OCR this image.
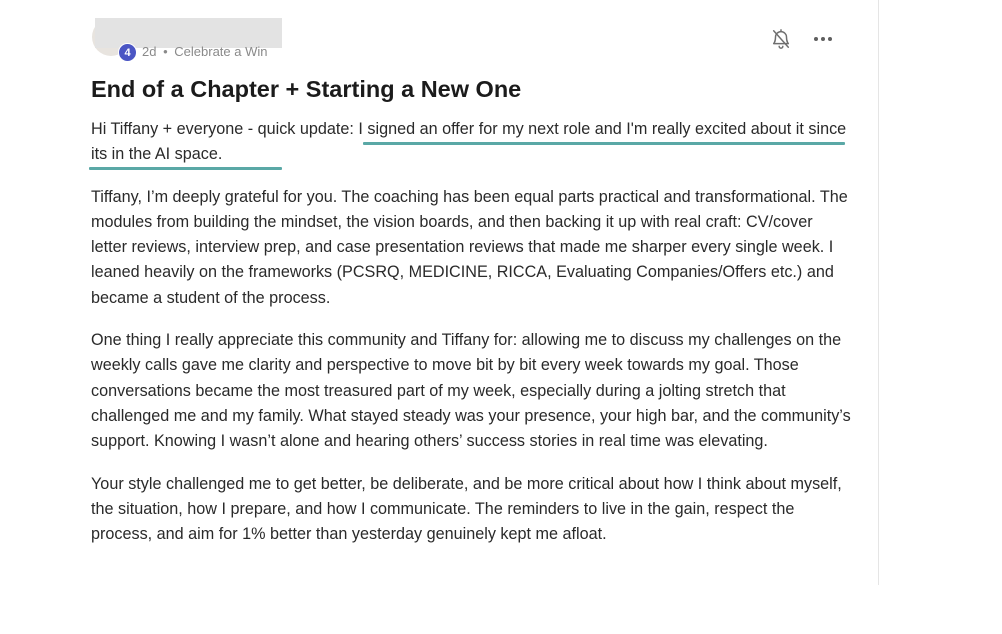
4 2d • Celebrate a Win
End of a Chapter + Starting a New One

Hi Tiffany + everyone - quick update: I signed an offer for my next role and I'm really excited about it since its in the AI space.

Tiffany, I’m deeply grateful for you. The coaching has been equal parts practical and transformational. The modules from building the mindset, the vision boards, and then backing it up with real craft: CV/cover letter reviews, interview prep, and case presentation reviews that made me sharper every single week. I leaned heavily on the frameworks (PCSRQ, MEDICINE, RICCA, Evaluating Companies/Offers etc.) and became a student of the process.

One thing I really appreciate this community and Tiffany for: allowing me to discuss my challenges on the weekly calls gave me clarity and perspective to move bit by bit every week towards my goal. Those conversations became the most treasured part of my week, especially during a jolting stretch that challenged me and my family. What stayed steady was your presence, your high bar, and the community’s support. Knowing I wasn’t alone and hearing others’ success stories in real time was elevating.

Your style challenged me to get better, be deliberate, and be more critical about how I think about myself, the situation, how I prepare, and how I communicate. The reminders to live in the gain, respect the process, and aim for 1% better than yesterday genuinely kept me afloat.
